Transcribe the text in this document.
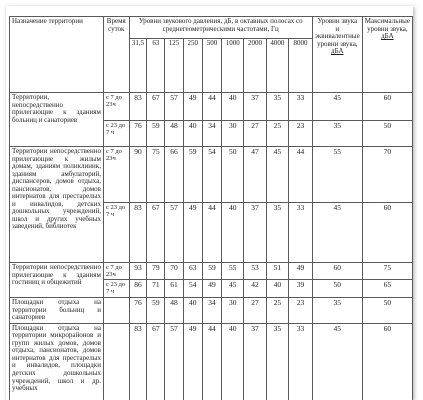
Назначение территории	Время суток	Уровни звукового давления, дБ, в октавных полосах со среднегеометрическими частотами, Гц									Уровни звука и эквивалентные уровни звука, дБА	Максимальные уровни звука, дБА
		31,5	63	125	250	500	1000	2000	4000	8000		
Территории, непосредственно прилегающие к зданиям больниц и санаториев	с 7 до 23ч	83	67	57	49	44	40	37	35	33	45	60
	с 23 до 7 ч	76	59	48	40	34	30	27	25	23	35	50
Территории непосредственно прилегающие к жилым домам, зданиям поликлиник, зданиям амбулаторий, диспансеров, домов отдыха, пансионатов, домов интернатов для престарелых и инвалидов, детских дошкольных учреждений, школ и других учебных заведений, библиотек	с 7 до 23ч	90	75	66	59	54	50	47	45	44	55	70
	с 23 до 7 ч	83	67	57	49	44	40	37	35	33	45	60
Территории непосредственно прилегающие к зданиям гостиниц и общежитий	с 7 до 23ч	93	79	70	63	59	55	53	51	49	60	75
	с 23 до 7 ч	86	71	61	54	49	45	42	40	39	50	65
Площадки отдыха на территории больниц и санаториев		76	59	48	40	34	30	27	25	23	35	50
Площадки отдыха на территории микрорайонов и групп жилых домов, домов отдыха, пансионатов, домов интернатов для престарелых и инвалидов, площадки детских дошкольных учреждений, школ и др. учебных		83	67	57	49	44	40	37	35	33	45	60
